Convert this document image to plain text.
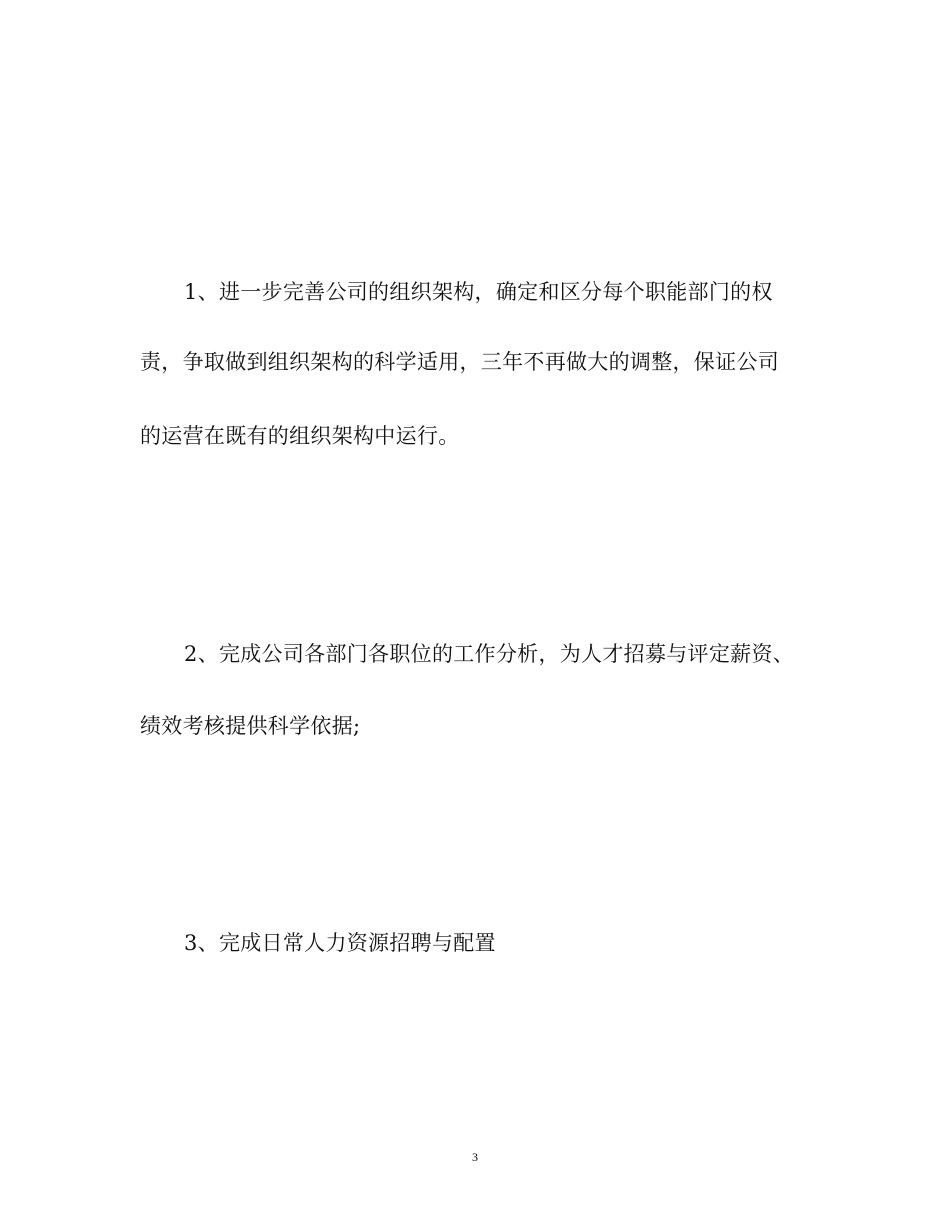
1、进一步完善公司的组织架构，确定和区分每个职能部门的权
责，争取做到组织架构的科学适用，三年不再做大的调整，保证公司
的运营在既有的组织架构中运行。
2、完成公司各部门各职位的工作分析，为人才招募与评定薪资、
绩效考核提供科学依据;
3、完成日常人力资源招聘与配置
3
